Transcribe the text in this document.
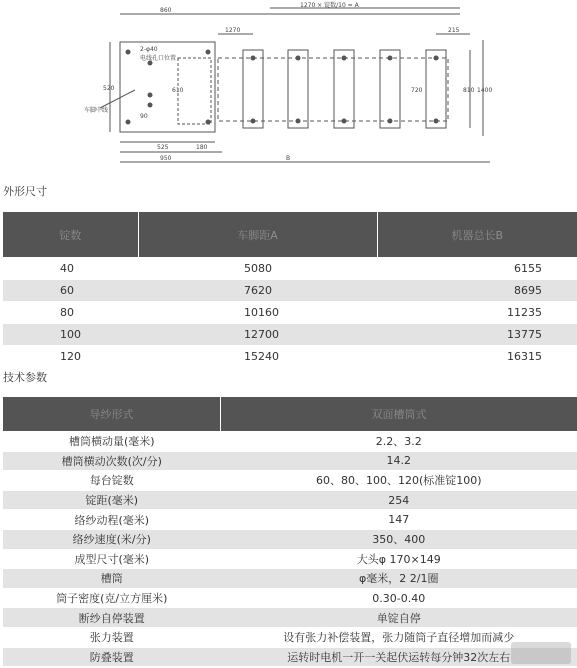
860
1270 × 锭数/10 = A
1270	215
950
525	180
90
520	610	720	810 1400
B
2-φ40
电线孔口位置
车脚中线
外形尺寸
锭数	车脚距A	机器总长B
40	5080	6155
60	7620	8695
80	10160	11235
100	12700	13775
120	15240	16315
技术参数
导纱形式	双面槽筒式
槽筒横动量(毫米)	2.2、3.2
槽筒横动次数(次/分)	14.2
每台锭数	60、80、100、120(标准锭100)
锭距(毫米)	254
络纱动程(毫米)	147
络纱速度(米/分)	350、400
成型尺寸(毫米)	大头φ 170×149
槽筒	φ毫米，2 2/1圈
筒子密度(克/立方厘米)	0.30-0.40
断纱自停装置	单锭自停
张力装置	设有张力补偿装置，张力随筒子直径增加而减少
防叠装置	运转时电机一开一关起伏运转每分钟32次左右
